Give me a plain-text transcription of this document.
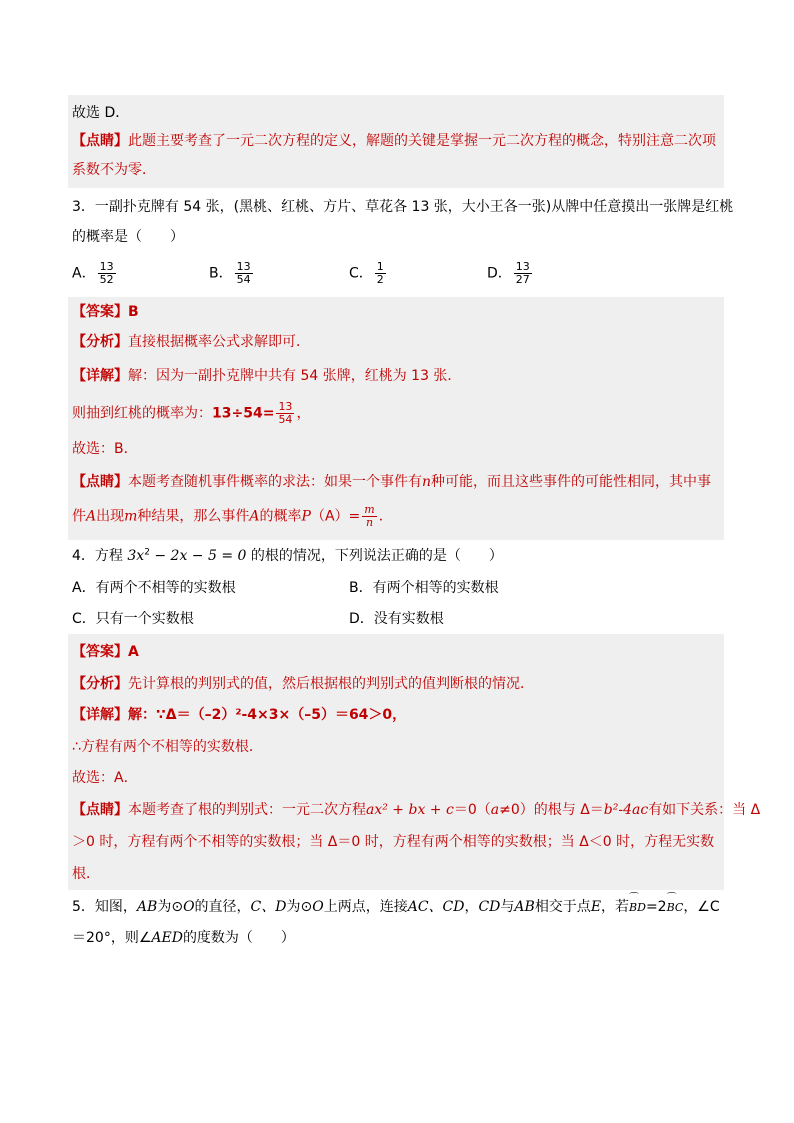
故选 D．
【点睛】此题主要考查了一元二次方程的定义，解题的关键是掌握一元二次方程的概念，特别注意二次项
系数不为零．
3．一副扑克牌有 54 张，(黑桃、红桃、方片、草花各 13 张，大小王各一张)从牌中任意摸出一张牌是红桃
的概率是（　　）
A． $\frac{13}{52}$	B． $\frac{13}{54}$	C． $\frac{1}{2}$	D． $\frac{13}{27}$
【答案】B
【分析】直接根据概率公式求解即可．
【详解】解：因为一副扑克牌中共有 54 张牌，红桃为 13 张．
则抽到红桃的概率为：$13\div 54= \frac{13}{54}$ ，
故选：B．
【点睛】本题考查随机事件概率的求法：如果一个事件有n种可能，而且这些事件的可能性相同，其中事
件A出现m种结果，那么事件A的概率$P(A)= \frac{m}{n}$ ．
4．方程 $3x^2 - 2x - 5 = 0$ 的根的情况，下列说法正确的是（　　）
A．有两个不相等的实数根	B．有两个相等的实数根
C．只有一个实数根	D．没有实数根
【答案】A
【分析】先计算根的判别式的值，然后根据根的判别式的值判断根的情况．
【详解】解：∵Δ＝（–2）²-4×3×（–5）＝64＞0，
∴方程有两个不相等的实数根．
故选：A．
【点睛】本题考查了根的判别式：一元二次方程ax² + bx + c＝0（a≠0）的根与 Δ＝b²-4ac有如下关系：当 Δ
＞0 时，方程有两个不相等的实数根；当 Δ＝0 时，方程有两个相等的实数根；当 Δ＜0 时，方程无实数
根．
5．知图，AB为⊙O的直径，C、D为⊙O上两点，连接AC、CD，CD与AB相交于点E，若⌒ BD=2⌒ BC，∠C
＝20°，则∠AED的度数为（　　）
